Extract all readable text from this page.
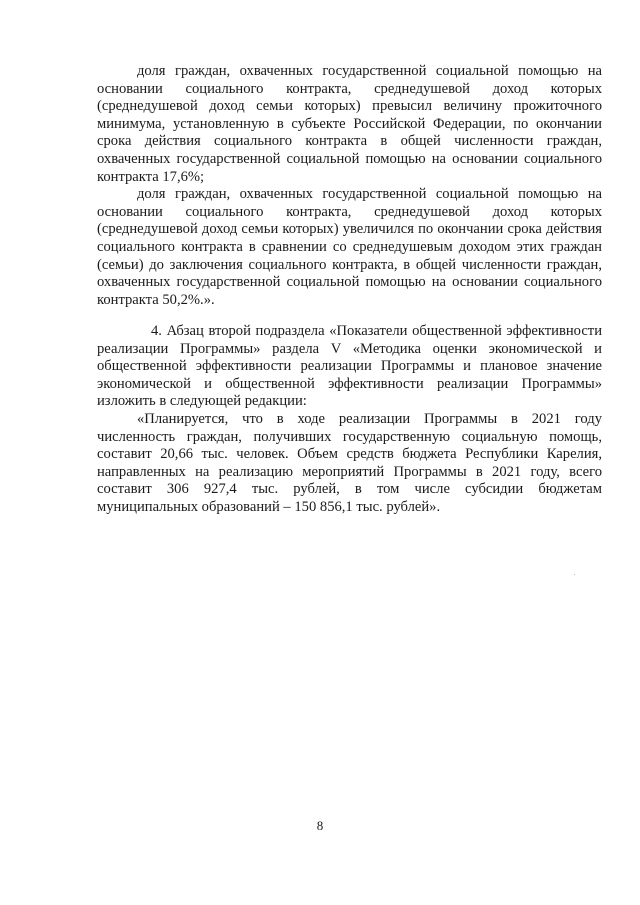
доля граждан, охваченных государственной социальной помощью на основании социального контракта, среднедушевой доход которых (среднедушевой доход семьи которых) превысил величину прожиточного минимума, установленную в субъекте Российской Федерации, по окончании срока действия социального контракта в общей численности граждан, охваченных государственной социальной помощью на основании социального контракта 17,6%;

доля граждан, охваченных государственной социальной помощью на основании социального контракта, среднедушевой доход которых (среднедушевой доход семьи которых) увеличился по окончании срока действия социального контракта в сравнении со среднедушевым доходом этих граждан (семьи) до заключения социального контракта, в общей численности граждан, охваченных государственной социальной помощью на основании социального контракта 50,2%.».

4. Абзац второй подраздела «Показатели общественной эффективности реализации Программы» раздела V «Методика оценки экономической и общественной эффективности реализации Программы и плановое значение экономической и общественной эффективности реализации Программы» изложить в следующей редакции:

«Планируется, что в ходе реализации Программы в 2021 году численность граждан, получивших государственную социальную помощь, составит 20,66 тыс. человек. Объем средств бюджета Республики Карелия, направленных на реализацию мероприятий Программы в 2021 году, всего составит 306 927,4 тыс. рублей, в том числе субсидии бюджетам муниципальных образований – 150 856,1 тыс. рублей».

8
